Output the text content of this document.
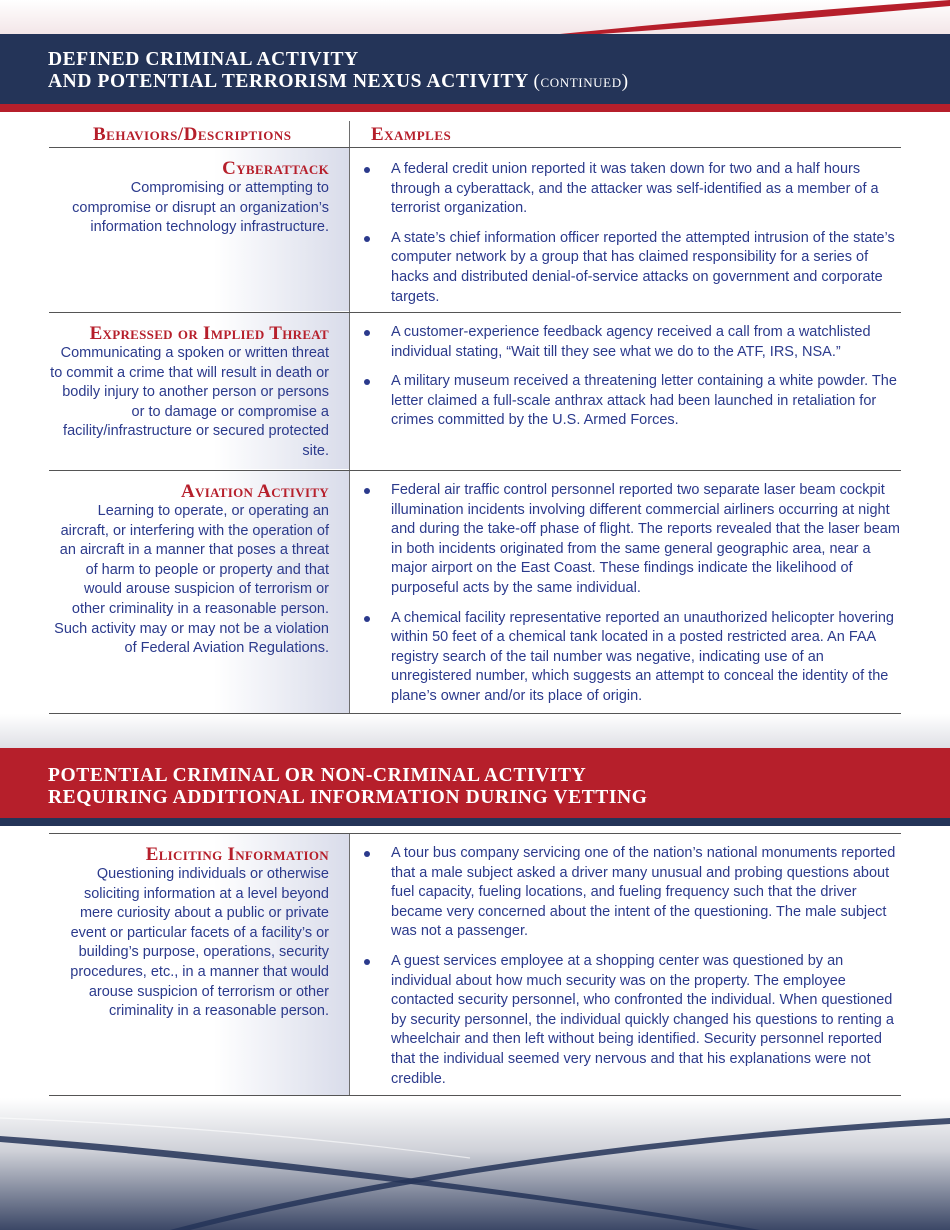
DEFINED CRIMINAL ACTIVITY
AND POTENTIAL TERRORISM NEXUS ACTIVITY (continued)
Behaviors/Descriptions	Examples
Cyberattack
Compromising or attempting to compromise or disrupt an organization’s information technology infrastructure.
A federal credit union reported it was taken down for two and a half hours through a cyberattack, and the attacker was self-identified as a member of a terrorist organization.
A state’s chief information officer reported the attempted intrusion of the state’s computer network by a group that has claimed responsibility for a series of hacks and distributed denial-of-service attacks on government and corporate targets.
Expressed or Implied Threat
Communicating a spoken or written threat to commit a crime that will result in death or bodily injury to another person or persons or to damage or compromise a facility/infrastructure or secured protected site.
A customer-experience feedback agency received a call from a watchlisted individual stating, “Wait till they see what we do to the ATF, IRS, NSA.”
A military museum received a threatening letter containing a white powder. The letter claimed a full-scale anthrax attack had been launched in retaliation for crimes committed by the U.S. Armed Forces.
Aviation Activity
Learning to operate, or operating an aircraft, or interfering with the operation of an aircraft in a manner that poses a threat of harm to people or property and that would arouse suspicion of terrorism or other criminality in a reasonable person. Such activity may or may not be a violation of Federal Aviation Regulations.
Federal air traffic control personnel reported two separate laser beam cockpit illumination incidents involving different commercial airliners occurring at night and during the take-off phase of flight. The reports revealed that the laser beam in both incidents originated from the same general geographic area, near a major airport on the East Coast. These findings indicate the likelihood of purposeful acts by the same individual.
A chemical facility representative reported an unauthorized helicopter hovering within 50 feet of a chemical tank located in a posted restricted area. An FAA registry search of the tail number was negative, indicating use of an unregistered number, which suggests an attempt to conceal the identity of the plane’s owner and/or its place of origin.
POTENTIAL CRIMINAL OR NON-CRIMINAL ACTIVITY
REQUIRING ADDITIONAL INFORMATION DURING VETTING
Eliciting Information
Questioning individuals or otherwise soliciting information at a level beyond mere curiosity about a public or private event or particular facets of a facility’s or building’s purpose, operations, security procedures, etc., in a manner that would arouse suspicion of terrorism or other criminality in a reasonable person.
A tour bus company servicing one of the nation’s national monuments reported that a male subject asked a driver many unusual and probing questions about fuel capacity, fueling locations, and fueling frequency such that the driver became very concerned about the intent of the questioning. The male subject was not a passenger.
A guest services employee at a shopping center was questioned by an individual about how much security was on the property. The employee contacted security personnel, who confronted the individual. When questioned by security personnel, the individual quickly changed his questions to renting a wheelchair and then left without being identified. Security personnel reported that the individual seemed very nervous and that his explanations were not credible.
